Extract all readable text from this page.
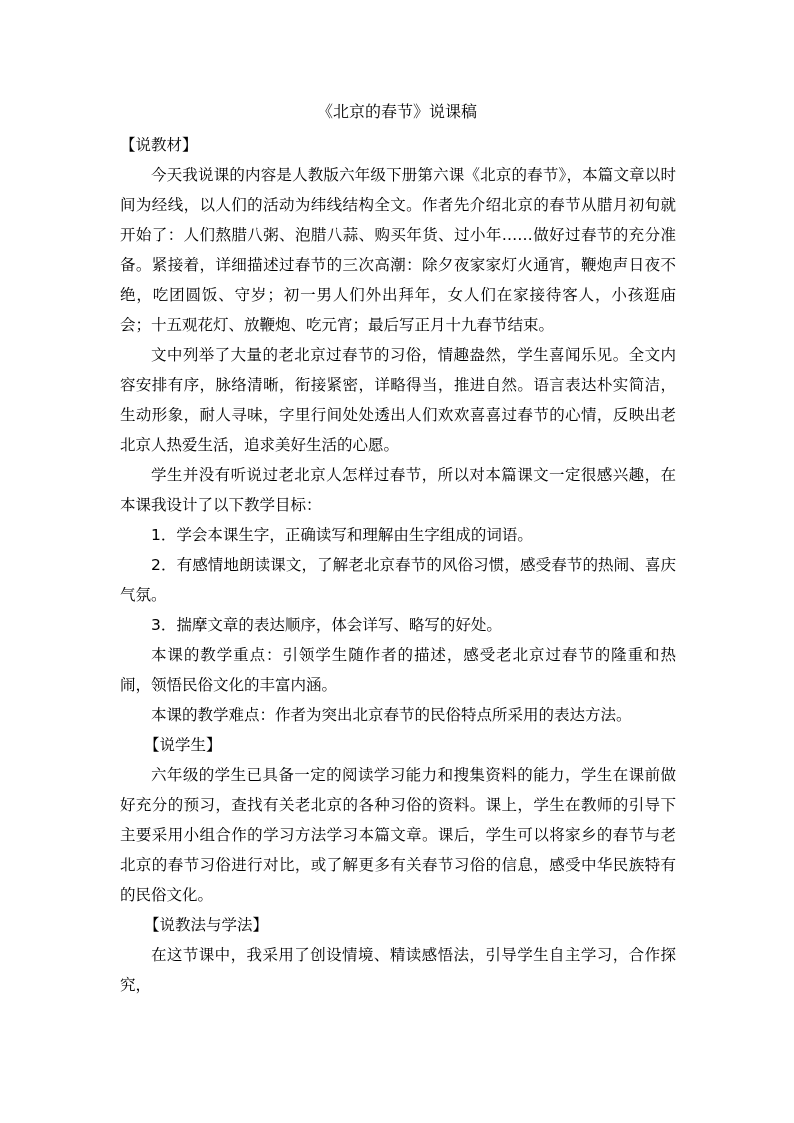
《北京的春节》说课稿

【说教材】

今天我说课的内容是人教版六年级下册第六课《北京的春节》，本篇文章以时间为经线，以人们的活动为纬线结构全文。作者先介绍北京的春节从腊月初旬就开始了：人们熬腊八粥、泡腊八蒜、购买年货、过小年……做好过春节的充分准备。紧接着，详细描述过春节的三次高潮：除夕夜家家灯火通宵，鞭炮声日夜不绝，吃团圆饭、守岁；初一男人们外出拜年，女人们在家接待客人，小孩逛庙会；十五观花灯、放鞭炮、吃元宵；最后写正月十九春节结束。

文中列举了大量的老北京过春节的习俗，情趣盎然，学生喜闻乐见。全文内容安排有序，脉络清晰，衔接紧密，详略得当，推进自然。语言表达朴实简洁，生动形象，耐人寻味，字里行间处处透出人们欢欢喜喜过春节的心情，反映出老北京人热爱生活，追求美好生活的心愿。

学生并没有听说过老北京人怎样过春节，所以对本篇课文一定很感兴趣，在本课我设计了以下教学目标：

1．学会本课生字，正确读写和理解由生字组成的词语。

2．有感情地朗读课文，了解老北京春节的风俗习惯，感受春节的热闹、喜庆气氛。

3．揣摩文章的表达顺序，体会详写、略写的好处。

本课的教学重点：引领学生随作者的描述，感受老北京过春节的隆重和热闹，领悟民俗文化的丰富内涵。

本课的教学难点：作者为突出北京春节的民俗特点所采用的表达方法。

【说学生】

六年级的学生已具备一定的阅读学习能力和搜集资料的能力，学生在课前做好充分的预习，查找有关老北京的各种习俗的资料。课上，学生在教师的引导下主要采用小组合作的学习方法学习本篇文章。课后，学生可以将家乡的春节与老北京的春节习俗进行对比，或了解更多有关春节习俗的信息，感受中华民族特有的民俗文化。

【说教法与学法】

在这节课中，我采用了创设情境、精读感悟法，引导学生自主学习，合作探究，
